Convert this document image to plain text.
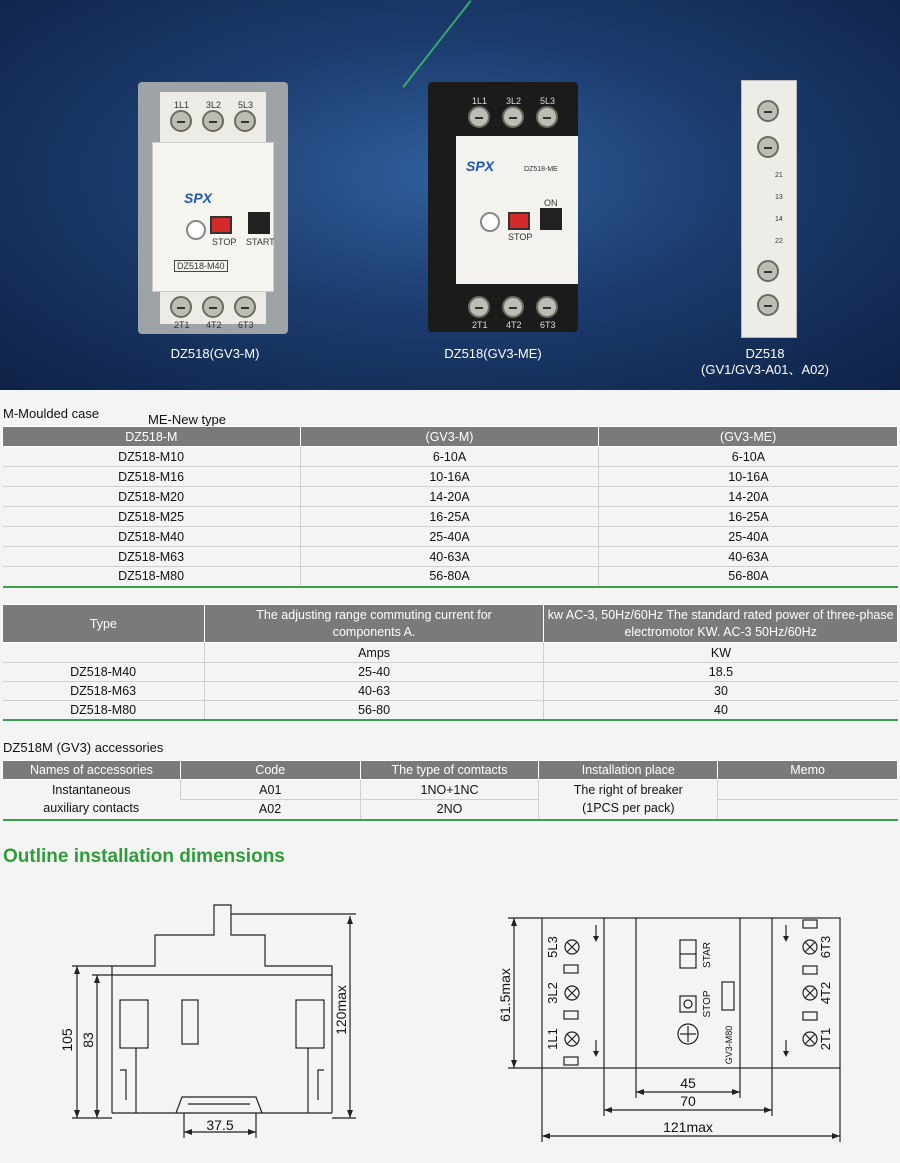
1L1 3L2 5L3
SPX
STOP START
DZ518-M40
2T1 4T2 6T3
DZ518(GV3-M)
1L1 3L2 5L3
SPX	DZ518-ME
STOP
ON
2T1 4T2 6T3
DZ518(GV3-ME)
21
13
14
22
DZ518
(GV1/GV3-A01、A02)
M-Moulded case	ME-New type
DZ518-M	(GV3-M)	(GV3-ME)
DZ518-M10	6-10A	6-10A
DZ518-M16	10-16A	10-16A
DZ518-M20	14-20A	14-20A
DZ518-M25	16-25A	16-25A
DZ518-M40	25-40A	25-40A
DZ518-M63	40-63A	40-63A
DZ518-M80	56-80A	56-80A
Type	The adjusting range commuting current for components A.	kw AC-3, 50Hz/60Hz The standard rated power of three-phase electromotor KW. AC-3 50Hz/60Hz
	Amps	KW
DZ518-M40	25-40	18.5
DZ518-M63	40-63	30
DZ518-M80	56-80	40
DZ518M (GV3) accessories
Names of accessories	Code	The type of comtacts	Installation place	Memo
Instantaneous auxiliary contacts	A01	1NO+1NC	The right of breaker (1PCS per pack)	
	A02	2NO		
Outline installation dimensions
105 83
120max
37.5
61.5max
45
70
121max
5L3
3L2
1L1
6T3
4T2
2T1
STAR
STOP
GV3-M80
